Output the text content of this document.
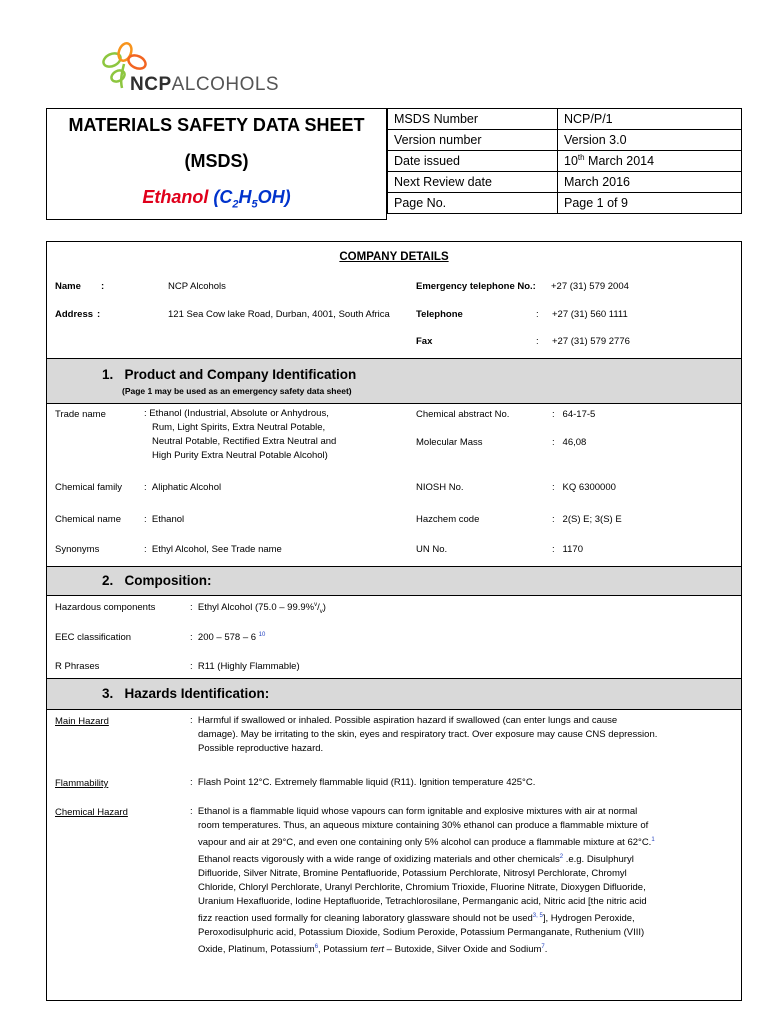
NCPALCOHOLS
MATERIALS SAFETY DATA SHEET
(MSDS)
Ethanol $(C_2H_5OH)$
MSDS Number	NCP/P/1
Version number	Version 3.0
Date issued	10th March 2014
Next Review date	March 2016
Page No.	Page 1 of 9
COMPANY DETAILS
Name :	NCP Alcohols	Emergency telephone No.: +27 (31) 579 2004
Address :	121 Sea Cow lake Road, Durban, 4001, South Africa	Telephone	: +27 (31) 560 1111
Fax	: +27 (31) 579 2776
1.   Product and Company Identification
(Page 1 may be used as an emergency safety data sheet)
Trade name	: Ethanol (Industrial, Absolute or Anhydrous,
Rum, Light Spirits, Extra Neutral Potable,
Neutral Potable, Rectified Extra Neutral and
High Purity Extra Neutral Potable Alcohol)
Chemical abstract No.	:   64-17-5
Molecular Mass	:   46,08
Chemical family :  Aliphatic Alcohol	NIOSH No.	:   KQ 6300000
Chemical name :  Ethanol	Hazchem code	:   2(S) E; 3(S) E
Synonyms	:  Ethyl Alcohol, See Trade name	UN No.	:   1170
2.   Composition:
Hazardous components	:  Ethyl Alcohol $(75.0 - 99.9\%^v/_v)$
EEC classification	:  200 – 578 – 6 $^{10}$
R Phrases	:  R11 (Highly Flammable)
3.   Hazards Identification:
Main Hazard	:  Harmful if swallowed or inhaled. Possible aspiration hazard if swallowed (can enter lungs and cause
damage). May be irritating to the skin, eyes and respiratory tract. Over exposure may cause CNS depression.
Possible reproductive hazard.
Flammability	:  Flash Point 12°C. Extremely flammable liquid (R11). Ignition temperature 425°C.
Chemical Hazard	:  Ethanol is a flammable liquid whose vapours can form ignitable and explosive mixtures with air at normal
room temperatures. Thus, an aqueous mixture containing 30% ethanol can produce a flammable mixture of
vapour and air at 29°C, and even one containing only 5% alcohol can produce a flammable mixture at 62°C.$^1$
Ethanol reacts vigorously with a wide range of oxidizing materials and other chemicals$^2$ .e.g. Disulphuryl
Difluoride, Silver Nitrate, Bromine Pentafluoride, Potassium Perchlorate, Nitrosyl Perchlorate, Chromyl
Chloride, Chloryl Perchlorate, Uranyl Perchlorite, Chromium Trioxide, Fluorine Nitrate, Dioxygen Difluoride,
Uranium Hexafluoride, Iodine Heptafluoride, Tetrachlorosilane, Permanganic acid, Nitric acid [the nitric acid
fizz reaction used formally for cleaning laboratory glassware should not be used$^{3, 5}$], Hydrogen Peroxide,
Peroxodisulphuric acid, Potassium Dioxide, Sodium Peroxide, Potassium Permanganate, Ruthenium (VIII)
Oxide, Platinum, Potassium$^6$, Potassium tert – Butoxide, Silver Oxide and Sodium$^7$.
